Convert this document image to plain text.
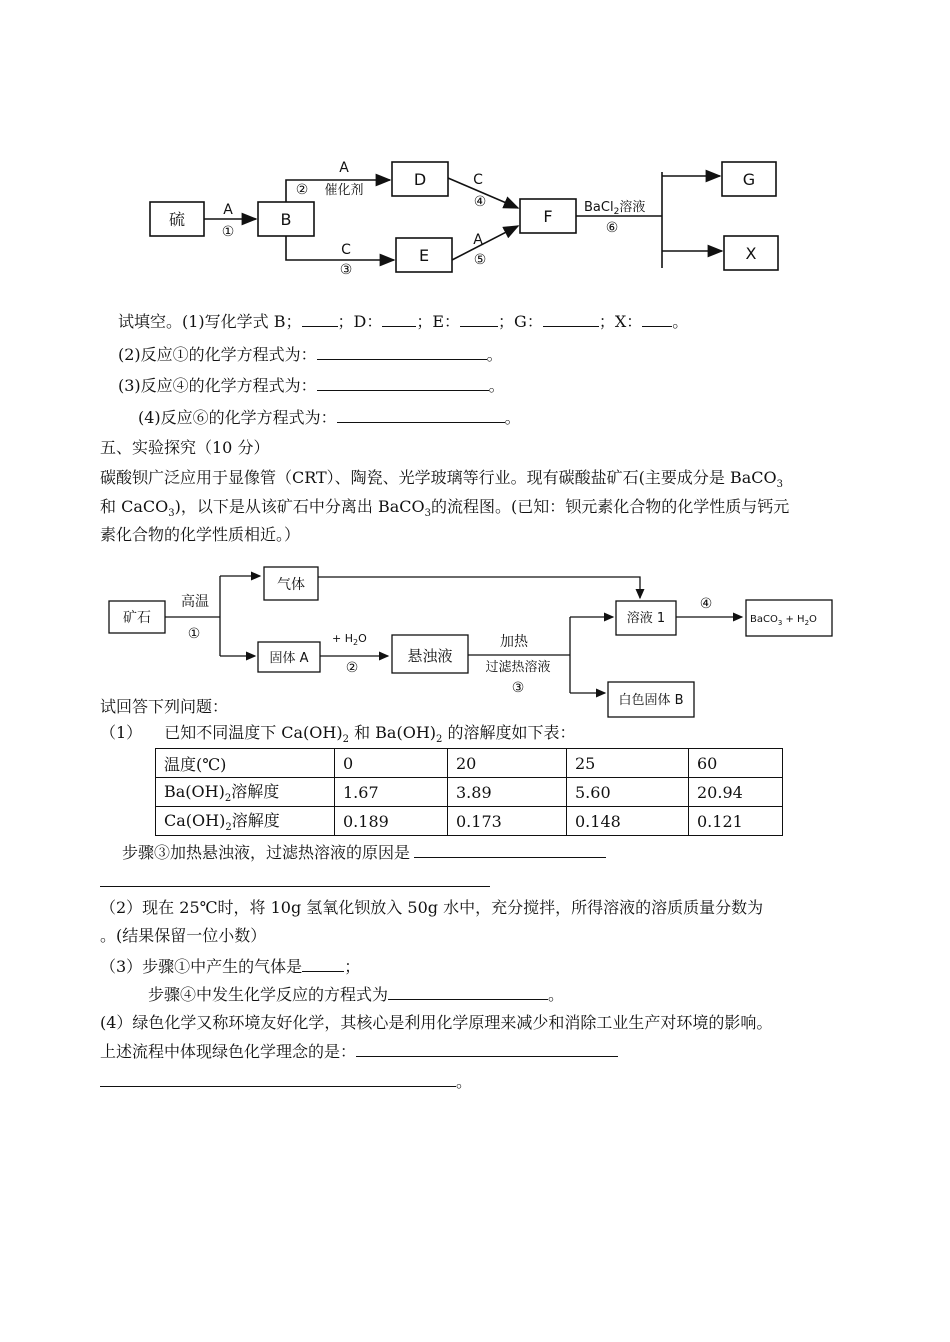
硫	B
D
E
F
G
X
A
①
A
② 催化剂
C
③
C
④
A
⑤
⑥
BaCl$_2$溶液
试填空。(1)写化学式 B； ；D： ；E： ；G：	；X： 。
(2)反应①的化学方程式为：	。
(3)反应④的化学方程式为：	。
(4)反应⑥的化学方程式为：	。
五、实验探究（10 分）
碳酸钡广泛应用于显像管（CRT）、陶瓷、光学玻璃等行业。现有碳酸盐矿石(主要成分是 BaCO$_3$
和 CaCO$_3$)，以下是从该矿石中分离出 BaCO$_3$的流程图。(已知：钡元素化合物的化学性质与钙元
素化合物的化学性质相近。）
矿石
高温
①
气体
固体 A
②
悬浊液
加热
过滤热溶液
③
溶液 1
④
白色固体 B
+ $H_2O$
BaCO$_3$ + $H_2O$
试回答下列问题：
（1） 已知不同温度下 $Ca(OH)_2$ 和 $Ba(OH)_2$ 的溶解度如下表：
温度(℃)	0	20	25	60
$Ba(OH)_2$溶解度	1.67	3.89	5.60	20.94
$Ca(OH)_2$溶解度	0.189	0.173	0.148	0.121
步骤③加热悬浊液，过滤热溶液的原因是
（2）现在 25℃时，将 10g 氢氧化钡放入 50g 水中，充分搅拌，所得溶液的溶质质量分数为
。(结果保留一位小数）
（3）步骤①中产生的气体是	；
步骤④中发生化学反应的方程式为	。
(4）绿色化学又称环境友好化学，其核心是利用化学原理来减少和消除工业生产对环境的影响。
上述流程中体现绿色化学理念的是：
。
